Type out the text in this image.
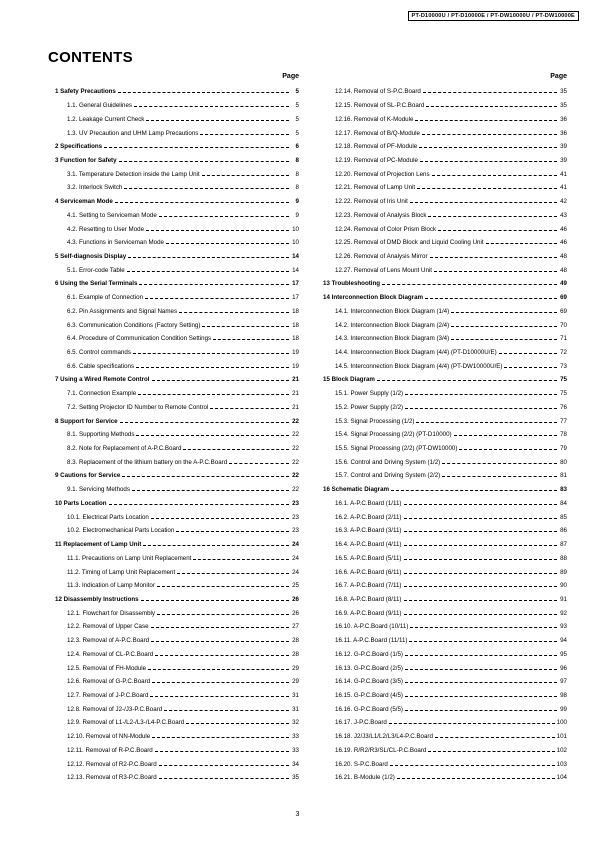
PT-D10000U / PT-D10000E / PT-DW10000U / PT-DW10000E
CONTENTS
Page
1 Safety Precautions	5
1.1. General Guidelines	5
1.2. Leakage Current Check	5
1.3. UV Precaution and UHM Lamp Precautions	5
2 Specifications	6
3 Function for Safety	8
3.1. Temperature Detection inside the Lamp Unit	8
3.2. Interlock Switch	8
4 Serviceman Mode	9
4.1. Setting to Serviceman Mode	9
4.2. Resetting to User Mode	10
4.3. Functions in Serviceman Mode	10
5 Self-diagnosis Display	14
5.1. Error-code Table	14
6 Using the Serial Terminals	17
6.1. Example of Connection	17
6.2. Pin Assignments and Signal Names	18
6.3. Communication Conditions (Factory Setting)	18
6.4. Procedure of Communication Condition Settings	18
6.5. Control commands	19
6.6. Cable specifications	19
7 Using a Wired Remote Control	21
7.1. Connection Example	21
7.2. Setting Projector ID Number to Remote Control	21
8 Support for Service	22
8.1. Supporting Methods	22
8.2. Note for Replacement of A-P.C.Board	22
8.3. Replacement of the lithium battery on the A-P.C.Board	22
9 Cautions for Service	22
9.1. Servicing Methods	22
10 Parts Location	23
10.1. Electrical Parts Location	23
10.2. Electromechanical Parts Location	23
11 Replacement of Lamp Unit	24
11.1. Precautions on Lamp Unit Replacement	24
11.2. Timing of Lamp Unit Replacement	24
11.3. Indication of Lamp Monitor	25
12 Disassembly Instructions	26
12.1. Flowchart for Disassembly	26
12.2. Removal of Upper Case	27
12.3. Removal of A-P.C.Board	28
12.4. Removal of CL-P.C.Board	28
12.5. Removal of FH-Module	29
12.6. Removal of G-P.C.Board	29
12.7. Removal of J-P.C.Board	31
12.8. Removal of J2-/J3-P.C.Board	31
12.9. Removal of L1-/L2-/L3-/L4-P.C.Board	32
12.10. Removal of NN-Module	33
12.11. Removal of R-P.C.Board	33
12.12. Removal of R2-P.C.Board	34
12.13. Removal of R3-P.C.Board	35
Page
12.14. Removal of S-P.C.Board	35
12.15. Removal of SL-P.C.Board	35
12.16. Removal of K-Module	36
12.17. Removal of B/Q-Module	36
12.18. Removal of PF-Module	39
12.19. Removal of PC-Module	39
12.20. Removal of Projection Lens	41
12.21. Removal of Lamp Unit	41
12.22. Removal of Iris Unit	42
12.23. Removal of Analysis Block	43
12.24. Removal of Color Prism Block	46
12.25. Removal of DMD Block and Liquid Cooling Unit	46
12.26. Removal of Analysis Mirror	48
12.27. Removal of Lens Mount Unit	48
13 Troubleshooting	49
14 Interconnection Block Diagram	69
14.1. Interconnection Block Diagram (1/4)	69
14.2. Interconnection Block Diagram (2/4)	70
14.3. Interconnection Block Diagram (3/4)	71
14.4. Interconnection Block Diagram (4/4) (PT-D10000U/E)	72
14.5. Interconnection Block Diagram (4/4) (PT-DW10000U/E)	73
15 Block Diagram	75
15.1. Power Supply (1/2)	75
15.2. Power Supply (2/2)	76
15.3. Signal Processing (1/2)	77
15.4. Signal Processing (2/2) (PT-D10000)	78
15.5. Signal Processing (2/2) (PT-DW10000)	79
15.6. Control and Driving System (1/2)	80
15.7. Control and Driving System (2/2)	81
16 Schematic Diagram	83
16.1. A-P.C.Board (1/11)	84
16.2. A-P.C.Board (2/11)	85
16.3. A-P.C.Board (3/11)	86
16.4. A-P.C.Board (4/11)	87
16.5. A-P.C.Board (5/11)	88
16.6. A-P.C.Board (6/11)	89
16.7. A-P.C.Board (7/11)	90
16.8. A-P.C.Board (8/11)	91
16.9. A-P.C.Board (9/11)	92
16.10. A-P.C.Board (10/11)	93
16.11. A-P.C.Board (11/11)	94
16.12. G-P.C.Board (1/5)	95
16.13. G-P.C.Board (2/5)	96
16.14. G-P.C.Board (3/5)	97
16.15. G-P.C.Board (4/5)	98
16.16. G-P.C.Board (5/5)	99
16.17. J-P.C.Board	100
16.18. J2/J3/L1/L2/L3/L4-P.C.Board	101
16.19. R/R2/R3/SL/CL-P.C.Board	102
16.20. S-P.C.Board	103
16.21. B-Module (1/2)	104
3
